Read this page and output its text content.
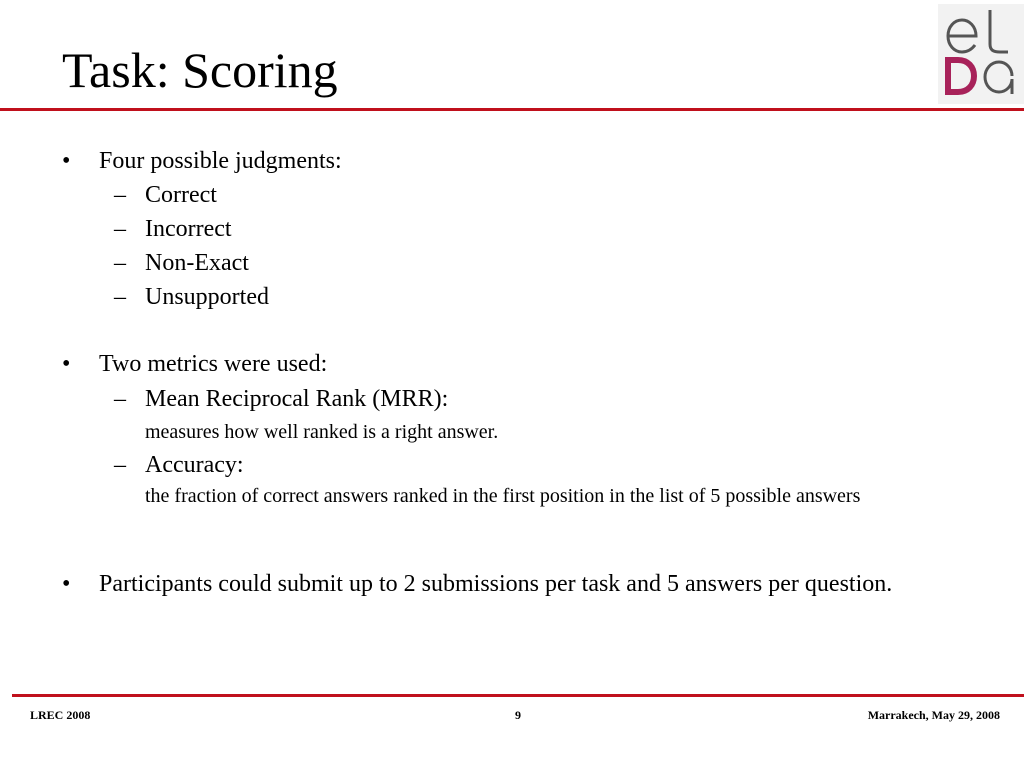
Task: Scoring
• Four possible judgments:
– Correct
– Incorrect
– Non-Exact
– Unsupported
• Two metrics were used:
– Mean Reciprocal Rank (MRR):
measures how well ranked is a right answer.
– Accuracy:
the fraction of correct answers ranked in the first position in the list of 5 possible answers
• Participants could submit up to 2 submissions per task and 5 answers per question.
LREC 2008	9	Marrakech, May 29, 2008
